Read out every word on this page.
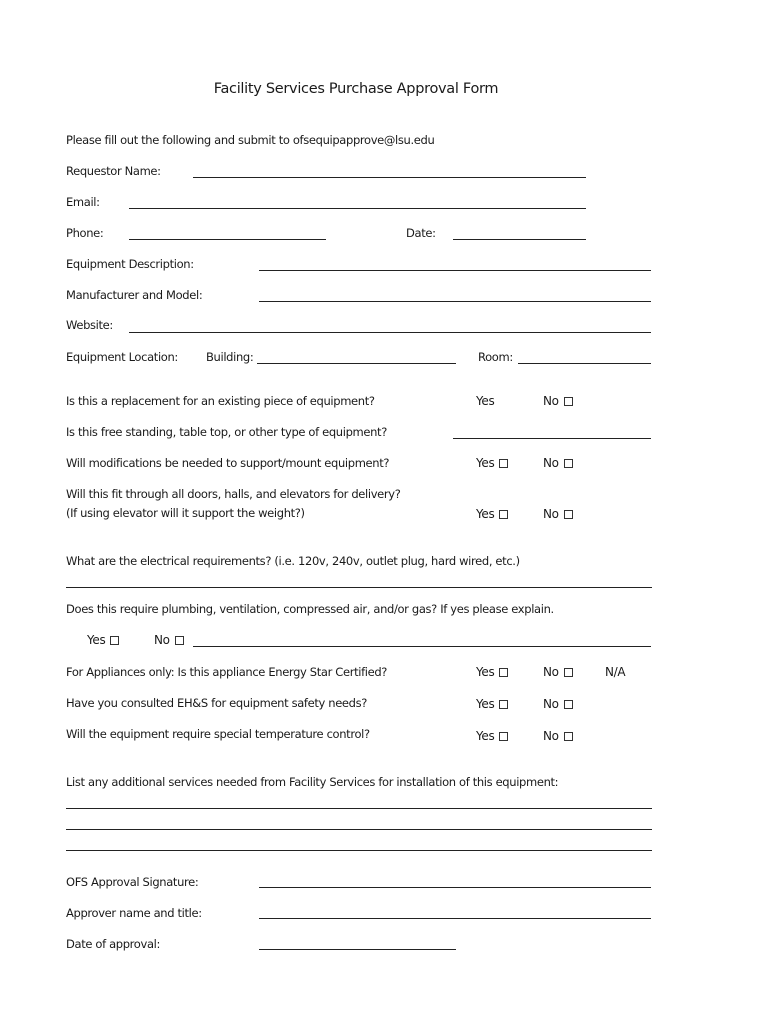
Facility Services Purchase Approval Form
Please fill out the following and submit to ofsequipapprove@lsu.edu
Requestor Name:
Email:
Phone:	Date:
Equipment Description:
Manufacturer and Model:
Website:
Equipment Location: Building:	Room:
Is this a replacement for an existing piece of equipment?	Yes	No
Is this free standing, table top, or other type of equipment?
Will modifications be needed to support/mount equipment?	Yes	No
Will this fit through all doors, halls, and elevators for delivery?
(If using elevator will it support the weight?)	Yes	No
What are the electrical requirements? (i.e. 120v, 240v, outlet plug, hard wired, etc.)
Does this require plumbing, ventilation, compressed air, and/or gas? If yes please explain.
Yes	No
For Appliances only: Is this appliance Energy Star Certified?	Yes	No	N/A
Have you consulted EH&S for equipment safety needs?	Yes	No
Will the equipment require special temperature control?	Yes	No
List any additional services needed from Facility Services for installation of this equipment:
OFS Approval Signature:
Approver name and title:
Date of approval:
